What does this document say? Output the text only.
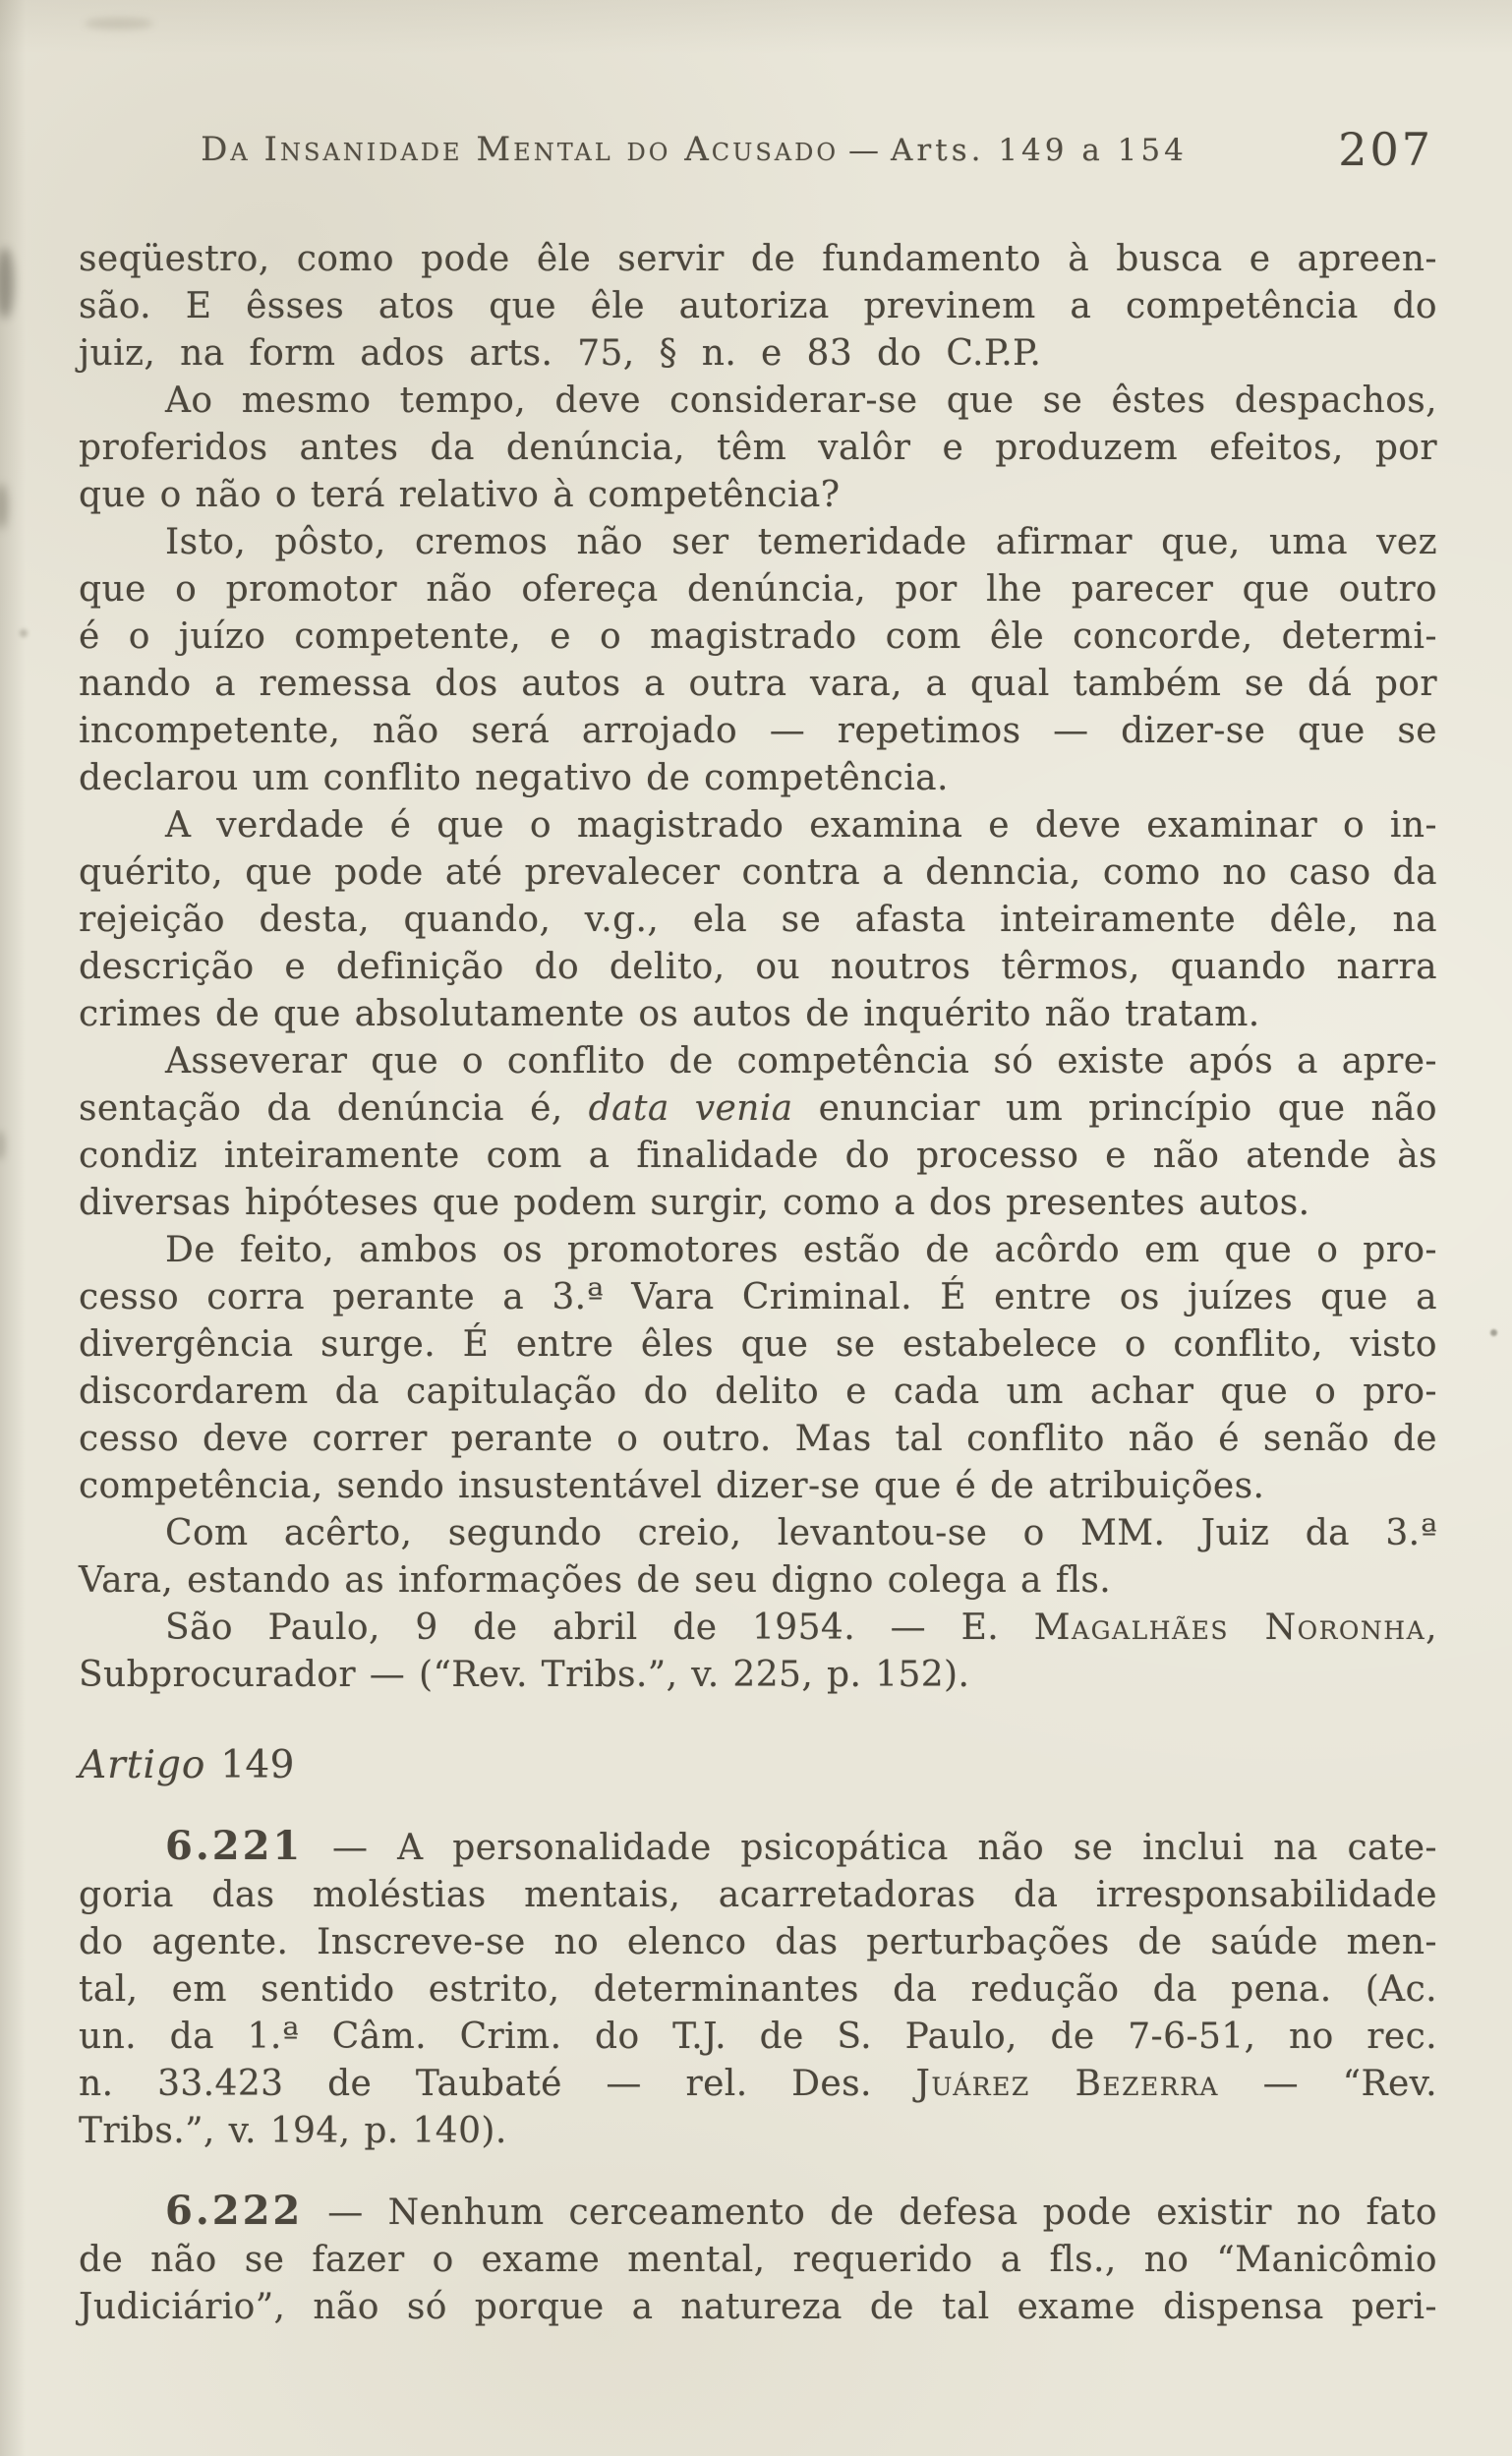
Da Insanidade Mental do Acusado — Arts. 149 a 154	207
seqüestro, como pode êle servir de fundamento à busca e apreen-
são. E êsses atos que êle autoriza previnem a competência do
juiz, na form ados arts. 75, § n. e 83 do C.P.P.
Ao mesmo tempo, deve considerar-se que se êstes despachos,
proferidos antes da denúncia, têm valôr e produzem efeitos, por
que o não o terá relativo à competência?
Isto, pôsto, cremos não ser temeridade afirmar que, uma vez
que o promotor não ofereça denúncia, por lhe parecer que outro
é o juízo competente, e o magistrado com êle concorde, determi-
nando a remessa dos autos a outra vara, a qual também se dá por
incompetente, não será arrojado — repetimos — dizer-se que se
declarou um conflito negativo de competência.
A verdade é que o magistrado examina e deve examinar o in-
quérito, que pode até prevalecer contra a denncia, como no caso da
rejeição desta, quando, v.g., ela se afasta inteiramente dêle, na
descrição e definição do delito, ou noutros têrmos, quando narra
crimes de que absolutamente os autos de inquérito não tratam.
Asseverar que o conflito de competência só existe após a apre-
sentação da denúncia é, data venia enunciar um princípio que não
condiz inteiramente com a finalidade do processo e não atende às
diversas hipóteses que podem surgir, como a dos presentes autos.
De feito, ambos os promotores estão de acôrdo em que o pro-
cesso corra perante a 3.ª Vara Criminal. É entre os juízes que a
divergência surge. É entre êles que se estabelece o conflito, visto
discordarem da capitulação do delito e cada um achar que o pro-
cesso deve correr perante o outro. Mas tal conflito não é senão de
competência, sendo insustentável dizer-se que é de atribuições.
Com acêrto, segundo creio, levantou-se o MM. Juiz da 3.ª
Vara, estando as informações de seu digno colega a fls.
São Paulo, 9 de abril de 1954. — E. Magalhães Noronha,
Subprocurador — (“Rev. Tribs.”, v. 225, p. 152).
Artigo 149
6.221 — A personalidade psicopática não se inclui na cate-
goria das moléstias mentais, acarretadoras da irresponsabilidade
do agente. Inscreve-se no elenco das perturbações de saúde men-
tal, em sentido estrito, determinantes da redução da pena. (Ac.
un. da 1.ª Câm. Crim. do T.J. de S. Paulo, de 7-6-51, no rec.
n. 33.423 de Taubaté — rel. Des. Juárez Bezerra — “Rev.
Tribs.”, v. 194, p. 140).
6.222 — Nenhum cerceamento de defesa pode existir no fato
de não se fazer o exame mental, requerido a fls., no “Manicômio
Judiciário”, não só porque a natureza de tal exame dispensa peri-
